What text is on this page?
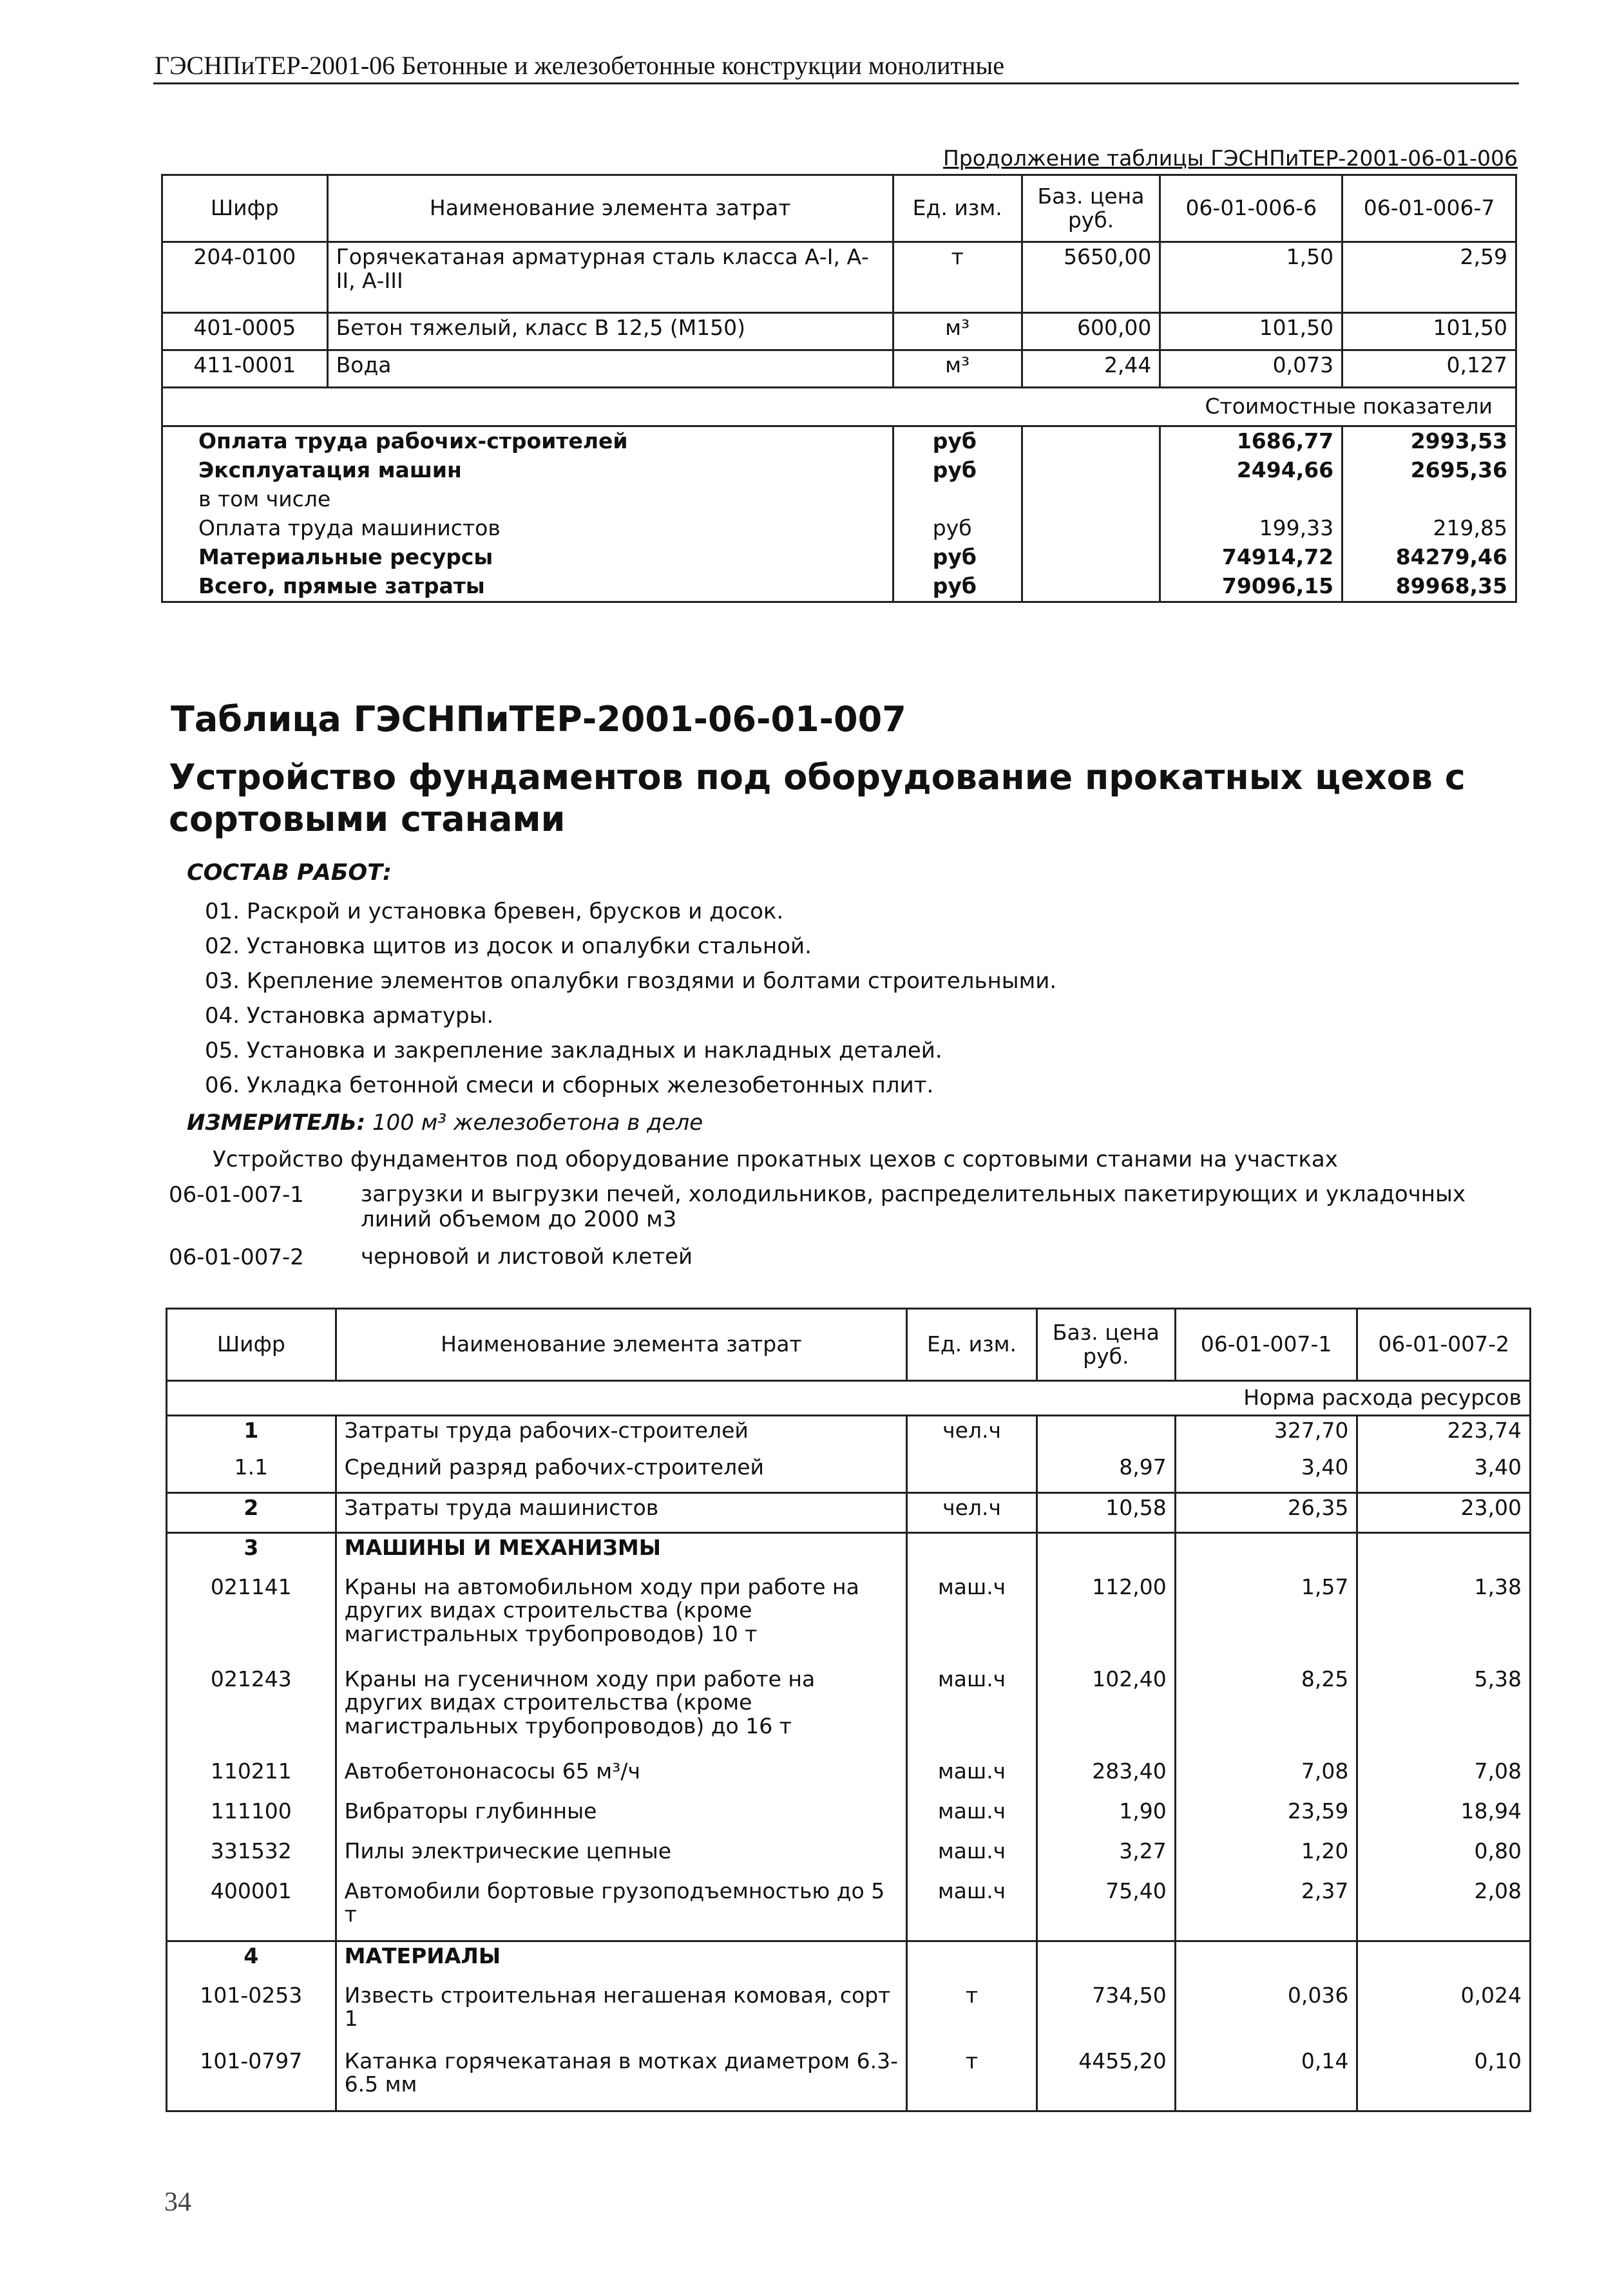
ГЭСНПиТЕР-2001-06 Бетонные и железобетонные конструкции монолитные
Продолжение таблицы ГЭСНПиТЕР-2001-06-01-006
Шифр	Наименование элемента затрат	Ед. изм.	Баз. цена руб.	06-01-006-6	06-01-006-7
204-0100	Горячекатаная арматурная сталь класса А-I, А-II, А-III	т	5650,00	1,50	2,59
401-0005	Бетон тяжелый, класс В 12,5 (М150)	м³	600,00	101,50	101,50
411-0001	Вода	м³	2,44	0,073	0,127
Стоимостные показатели					
Оплата труда рабочих-строителей		руб		1686,77	2993,53
Эксплуатация машин		руб		2494,66	2695,36
в том числе					
Оплата труда машинистов		руб		199,33	219,85
Материальные ресурсы		руб		74914,72	84279,46
Всего, прямые затраты		руб		79096,15	89968,35
Таблица ГЭСНПиТЕР-2001-06-01-007
Устройство фундаментов под оборудование прокатных цехов с сортовыми станами
СОСТАВ РАБОТ:
01. Раскрой и установка бревен, брусков и досок.
02. Установка щитов из досок и опалубки стальной.
03. Крепление элементов опалубки гвоздями и болтами строительными.
04. Установка арматуры.
05. Установка и закрепление закладных и накладных деталей.
06. Укладка бетонной смеси и сборных железобетонных плит.
ИЗМЕРИТЕЛЬ: 100 м³ железобетона в деле
Устройство фундаментов под оборудование прокатных цехов с сортовыми станами на участках
06-01-007-1	загрузки и выгрузки печей, холодильников, распределительных пакетирующих и укладочных линий объемом до 2000 м3
06-01-007-2	черновой и листовой клетей
Шифр	Наименование элемента затрат	Ед. изм.	Баз. цена руб.	06-01-007-1	06-01-007-2
Норма расхода ресурсов					
1	Затраты труда рабочих-строителей	чел.ч		327,70	223,74
1.1	Средний разряд рабочих-строителей		8,97	3,40	3,40
2	Затраты труда машинистов	чел.ч	10,58	26,35	23,00
3	МАШИНЫ И МЕХАНИЗМЫ				
021141	Краны на автомобильном ходу при работе на других видах строительства (кроме магистральных трубопроводов) 10 т	маш.ч	112,00	1,57	1,38
021243	Краны на гусеничном ходу при работе на других видах строительства (кроме магистральных трубопроводов) до 16 т	маш.ч	102,40	8,25	5,38
110211	Автобетононасосы 65 м³/ч	маш.ч	283,40	7,08	7,08
111100	Вибраторы глубинные	маш.ч	1,90	23,59	18,94
331532	Пилы электрические цепные	маш.ч	3,27	1,20	0,80
400001	Автомобили бортовые грузоподъемностью до 5 т	маш.ч	75,40	2,37	2,08
4	МАТЕРИАЛЫ				
101-0253	Известь строительная негашеная комовая, сорт 1	т	734,50	0,036	0,024
101-0797	Катанка горячекатаная в мотках диаметром 6.3-6.5 мм	т	4455,20	0,14	0,10
34
